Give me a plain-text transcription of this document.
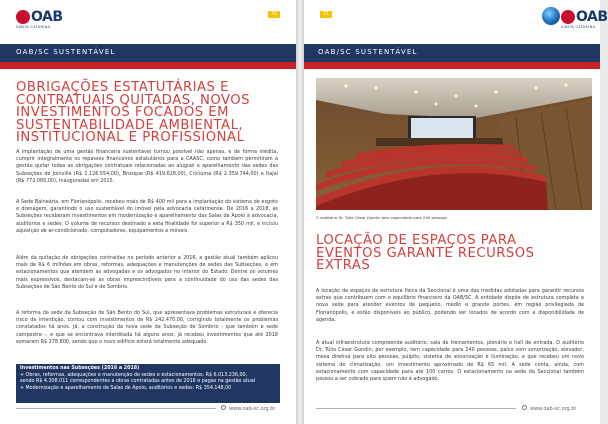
OAB
SANTA CATARINA
70
OAB/SC SUSTENTÁVEL
OBRIGAÇÕES ESTATUTÁRIAS E
CONTRATUAIS QUITADAS, NOVOS
INVESTIMENTOS FOCADOS EM
SUSTENTABILIDADE AMBIENTAL,
INSTITUCIONAL E PROFISSIONAL

A implantação de uma gestão financeira sustentável tornou possível não apenas, e de forma inédita, cumprir integralmente os repasses financeiros estatutários para a CAASC, como também permitiram à gestão quitar todas as obrigações contratuais relacionadas ao aluguel e aparelhamento das sedes das Subseções de Joinville (R$ 1.126.554,00), Brusque (R$ 419.628,00), Criciúma (R$ 2.359.744,00) e Itajaí (R$ 772.085,00), inauguradas em 2015.

A Sede Balneária, em Florianópolis, recebeu mais de R$ 400 mil para a implantação do sistema de esgoto e drenagem, garantindo o uso sustentável do imóvel pela advocacia catarinense. De 2016 a 2018, as Subseções receberam investimentos em modernização e aparelhamento das Salas de Apoio à advocacia, auditórios e sedes. O volume de recursos destinado a esta finalidade foi superior a R$ 350 mil, e incluiu aquisição de ar-condicionado, computadores, equipamentos e móveis.

Além da quitação de obrigações contraídas no período anterior a 2016, a gestão atual também aplicou mais de R$ 6 milhões em obras, reformas, adequações e manutenções de sedes das Subseções, e em estacionamentos que atendem as advogadas e os advogados no interior do Estado. Dentre os volumes mais expressivos, destacam-se as obras imprescindíveis para a continuidade do uso das sedes das Subseções de São Bento do Sul e de Sombrio.

A reforma da sede da Subseção de São Bento do Sul, que apresentava problemas estruturais e oferecia risco de interdição, contou com investimentos de R$ 242.470,00, corrigindo totalmente os problemas constatados há anos. Já, a construção da nova sede da Subseção de Sombrio - que também é sede campestre -, e que se encontrava interditada há alguns anos, já recebeu investimentos que até 2018 somaram R$ 278.800, sendo que o novo edifício estará totalmente adequado.

Investimentos nas Subseções (2016 a 2018)
+ Obras, reformas, adequações e manutenção de sedes e estacionamentos: R$ 6.013.236,00,
sendo R$ 4.308.011 correspondentes a obras contratadas antes de 2016 e pagas na gestão atual
+ Modernização e aparelhamento de Salas de Apoio, auditórios e sedes: R$ 354.148,00
www.oab-sc.org.br
71	OAB
SANTA CATARINA
OAB/SC SUSTENTÁVEL
O auditório Dr. Túlio César Gondin tem capacidade para 240 pessoas
LOCAÇÃO DE ESPAÇOS PARA
EVENTOS GARANTE RECURSOS
EXTRAS

A locação de espaços da estrutura física da Seccional é uma das medidas adotadas para garantir recursos extras que contribuem com o equilíbrio financeiro da OAB/SC. A entidade dispõe de estrutura completa e nova sede para atender eventos de pequeno, médio e grande portes, em região privilegiada de Florianópolis, e estão disponíveis ao público, podendo ser locados de acordo com a disponibilidade de agenda.

A atual infraestrutura compreende auditório, sala de treinamentos, plenário e hall de entrada. O auditório Dr. Túlio César Gondin, por exemplo, tem capacidade para 240 pessoas, palco com sonorização, elevador, mesa diretiva para oito pessoas, púlpito, sistema de sonorização e iluminação, e que recebeu um novo sistema de climatização, um investimento aproximado de R$ 65 mil. A sede conta, ainda, com estacionamento com capacidade para até 100 carros. O estacionamento na sede da Seccional também passou a ser cobrado para quem não é advogado.

www.oab-sc.org.br
